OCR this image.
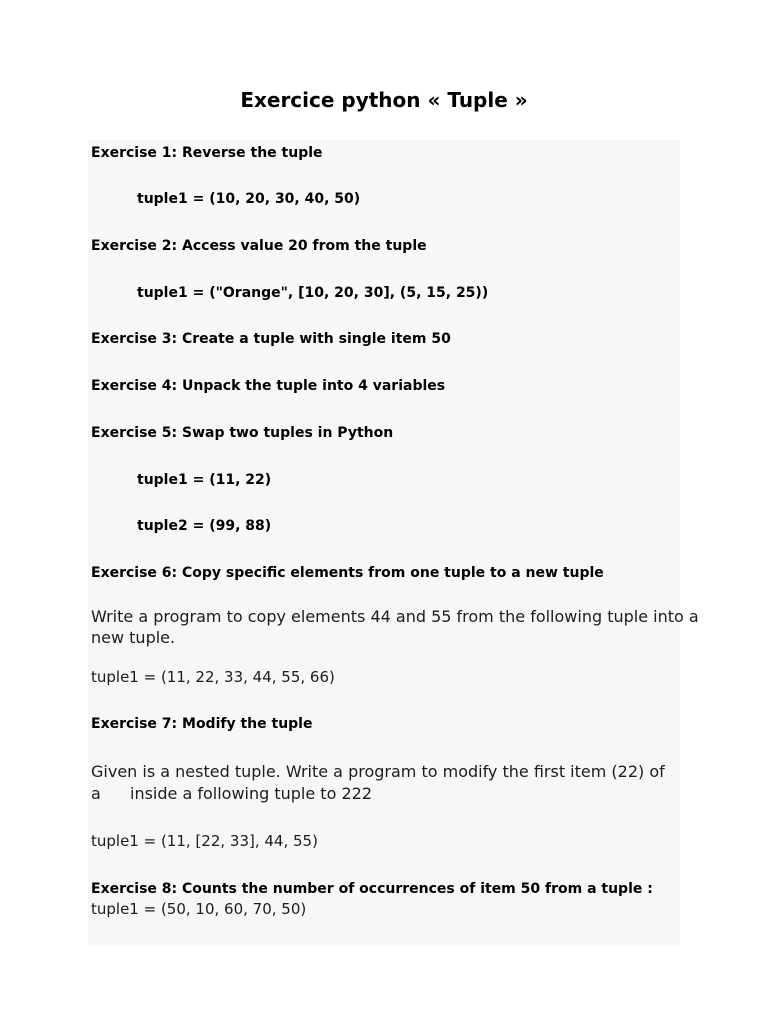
Exercice python « Tuple »
Exercise 1: Reverse the tuple
tuple1 = (10, 20, 30, 40, 50)
Exercise 2: Access value 20 from the tuple
tuple1 = ("Orange", [10, 20, 30], (5, 15, 25))
Exercise 3: Create a tuple with single item 50
Exercise 4: Unpack the tuple into 4 variables
Exercise 5: Swap two tuples in Python
tuple1 = (11, 22)
tuple2 = (99, 88)
Exercise 6: Copy specific elements from one tuple to a new tuple
Write a program to copy elements 44 and 55 from the following tuple into a
new tuple.
tuple1 = (11, 22, 33, 44, 55, 66)
Exercise 7: Modify the tuple
Given is a nested tuple. Write a program to modify the first item (22) of
a inside a following tuple to 222
tuple1 = (11, [22, 33], 44, 55)
Exercise 8: Counts the number of occurrences of item 50 from a tuple :
tuple1 = (50, 10, 60, 70, 50)
